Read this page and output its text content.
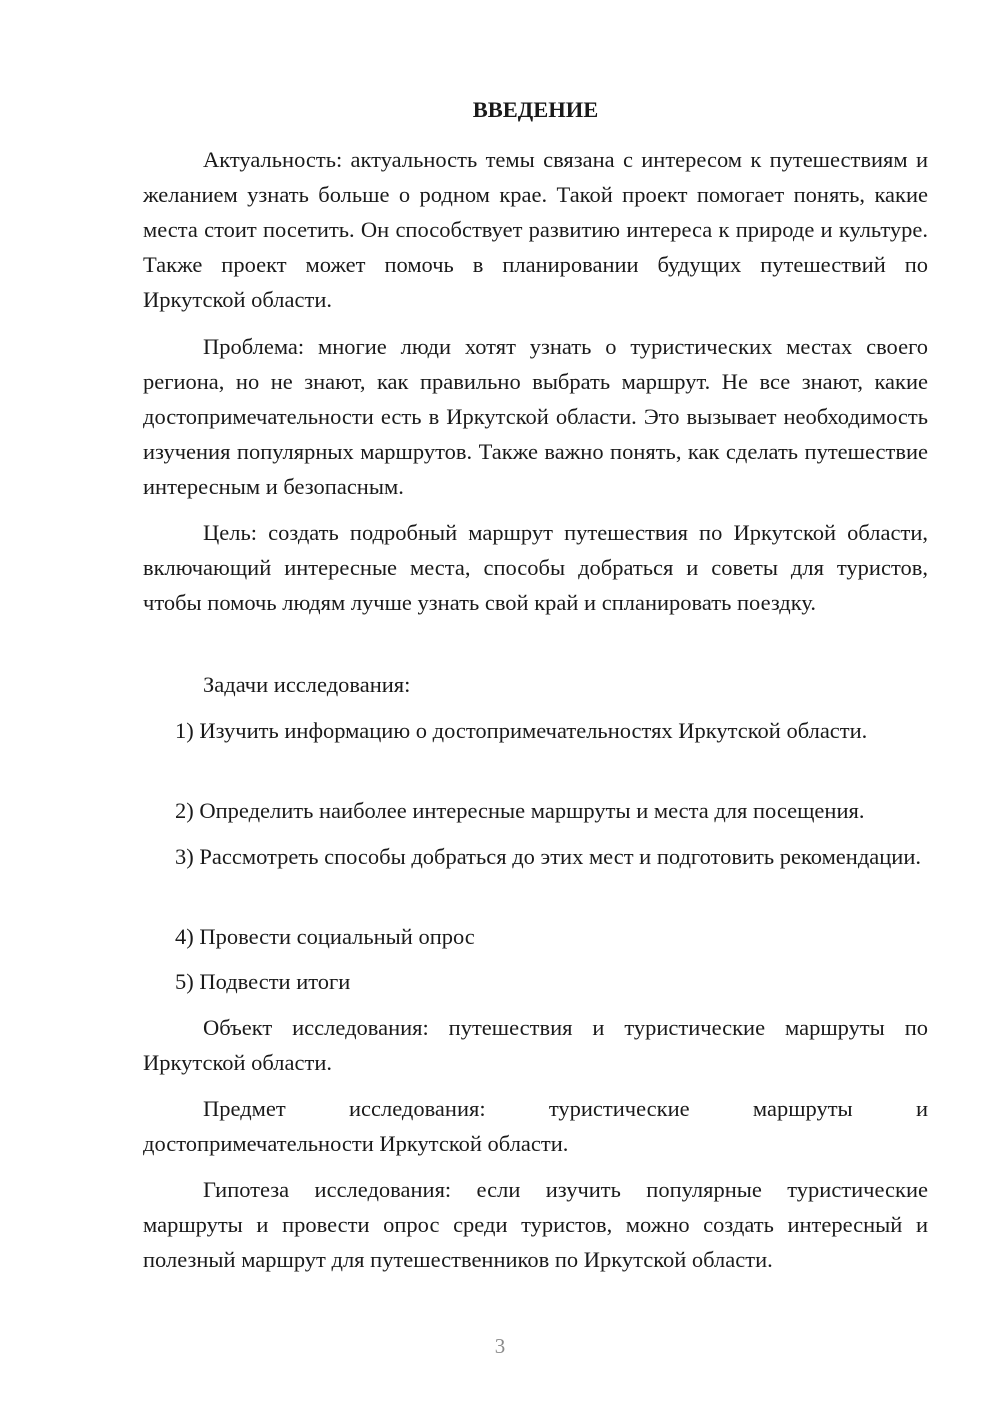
ВВЕДЕНИЕ

Актуальность: актуальность темы связана с интересом к путешествиям и желанием узнать больше о родном крае. Такой проект помогает понять, какие места стоит посетить. Он способствует развитию интереса к природе и культуре. Также проект может помочь в планировании будущих путешествий по Иркутской области.

Проблема: многие люди хотят узнать о туристических местах своего региона, но не знают, как правильно выбрать маршрут. Не все знают, какие достопримечательности есть в Иркутской области. Это вызывает необходимость изучения популярных маршрутов. Также важно понять, как сделать путешествие интересным и безопасным.

Цель: создать подробный маршрут путешествия по Иркутской области, включающий интересные места, способы добраться и советы для туристов, чтобы помочь людям лучше узнать свой край и спланировать поездку.

Задачи исследования:

1) Изучить информацию о достопримечательностях Иркутской области.

2) Определить наиболее интересные маршруты и места для посещения.

3) Рассмотреть способы добраться до этих мест и подготовить рекомендации.

4) Провести социальный опрос

5) Подвести итоги

Объект исследования: путешествия и туристические маршруты по Иркутской области.

Предмет исследования: туристические маршруты и достопримечательности Иркутской области.

Гипотеза исследования: если изучить популярные туристические маршруты и провести опрос среди туристов, можно создать интересный и полезный маршрут для путешественников по Иркутской области.

3
